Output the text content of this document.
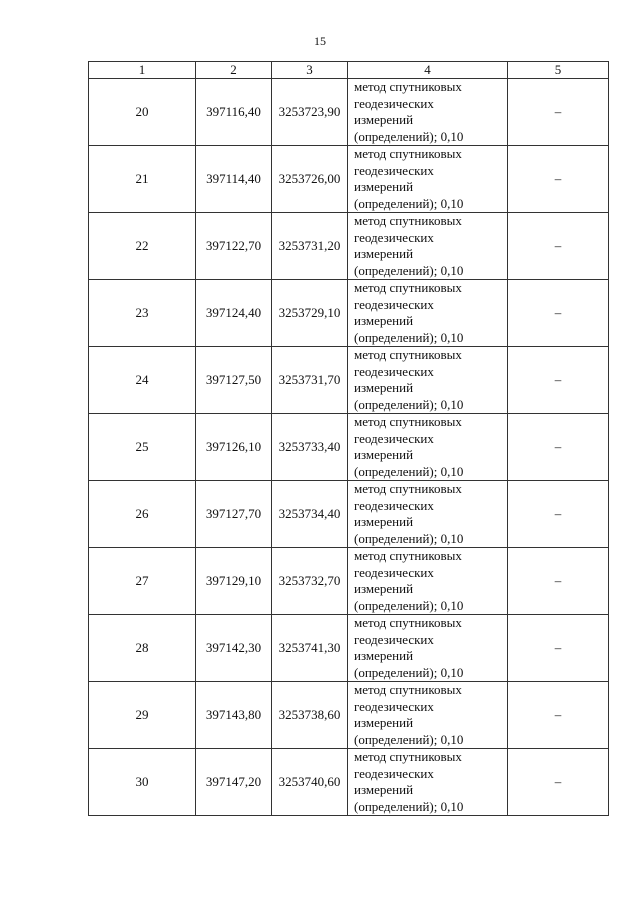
15
1	2	3	4	5
20	397116,40	3253723,90	метод спутниковых
геодезических
измерений
(определений); 0,10	–
21	397114,40	3253726,00	метод спутниковых
геодезических
измерений
(определений); 0,10	–
22	397122,70	3253731,20	метод спутниковых
геодезических
измерений
(определений); 0,10	–
23	397124,40	3253729,10	метод спутниковых
геодезических
измерений
(определений); 0,10	–
24	397127,50	3253731,70	метод спутниковых
геодезических
измерений
(определений); 0,10	–
25	397126,10	3253733,40	метод спутниковых
геодезических
измерений
(определений); 0,10	–
26	397127,70	3253734,40	метод спутниковых
геодезических
измерений
(определений); 0,10	–
27	397129,10	3253732,70	метод спутниковых
геодезических
измерений
(определений); 0,10	–
28	397142,30	3253741,30	метод спутниковых
геодезических
измерений
(определений); 0,10	–
29	397143,80	3253738,60	метод спутниковых
геодезических
измерений
(определений); 0,10	–
30	397147,20	3253740,60	метод спутниковых
геодезических
измерений
(определений); 0,10	–
